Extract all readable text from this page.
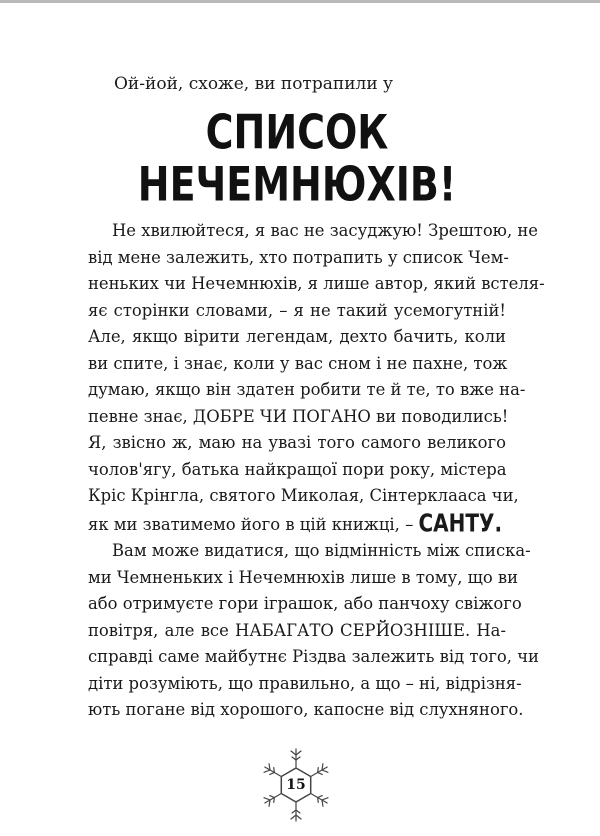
Ой-йой, схоже, ви потрапили у
СПИСОК
НЕЧЕМНЮХІВ!
Не хвилюйтеся, я вас не засуджую! Зрештою, не
від мене залежить, хто потрапить у список Чем-
неньких чи Нечемнюхів, я лише автор, який встеля-
яє сторінки словами, – я не такий усемогутній!
Але, якщо вірити легендам, дехто бачить, коли
ви спите, і знає, коли у вас сном і не пахне, тож
думаю, якщо він здатен робити те й те, то вже на-
певне знає, ДОБРЕ ЧИ ПОГАНО ви поводились!
Я, звісно ж, маю на увазі того самого великого
чолов'ягу, батька найкращої пори року, містера
Кріс Крінгла, святого Миколая, Сінтерклааса чи,
як ми зватимемо його в цій книжці, – САНТУ.
Вам може видатися, що відмінність між списка-
ми Чемненьких і Нечемнюхів лише в тому, що ви
або отримуєте гори іграшок, або панчоху свіжого
повітря, але все НАБАГАТО СЕРЙОЗНІШЕ. На-
справді саме майбутнє Різдва залежить від того, чи
діти розуміють, що правильно, а що – ні, відрізня-
ють погане від хорошого, капосне від слухняного.
15
